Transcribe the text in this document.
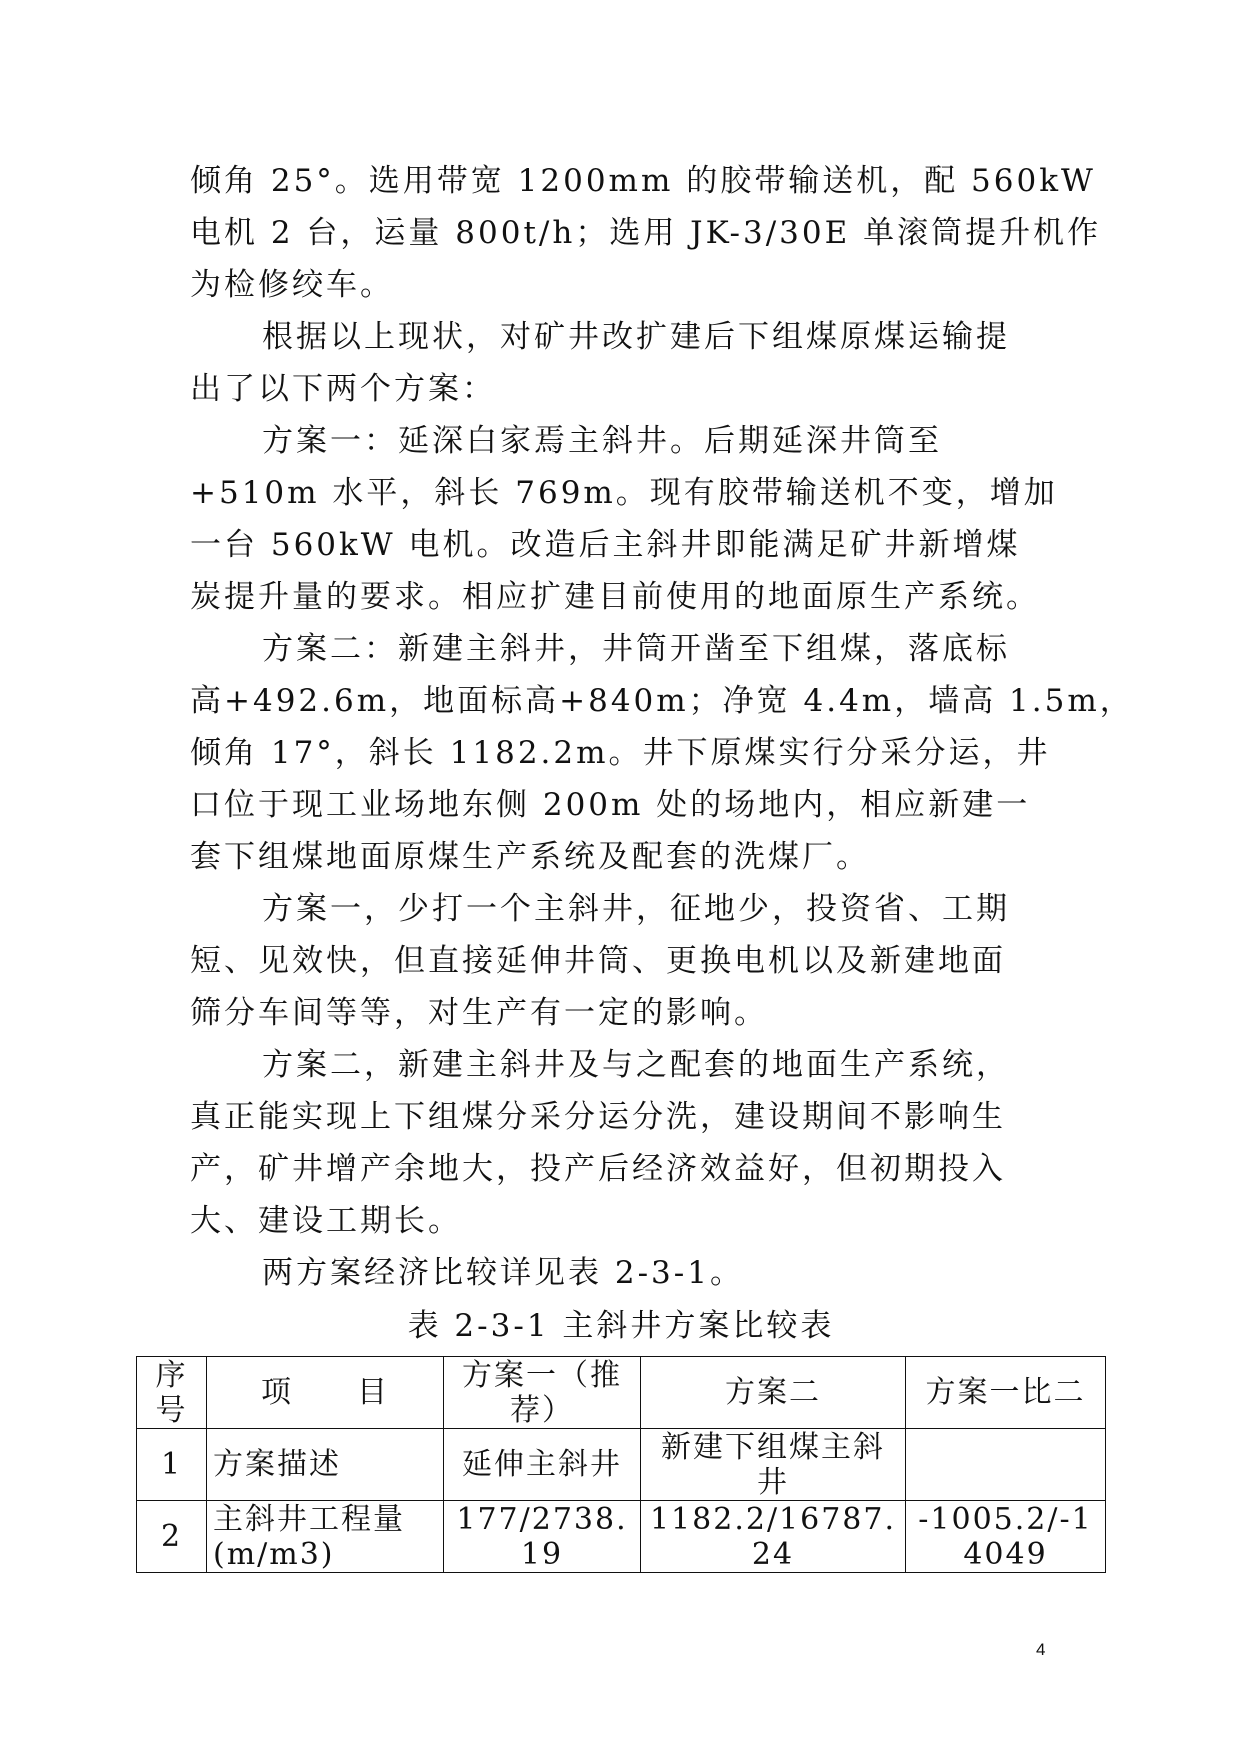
倾角 25°。选用带宽 1200mm 的胶带输送机，配 560kW
电机 2 台，运量 800t/h；选用 JK-3/30E 单滚筒提升机作
为检修绞车。

根据以上现状，对矿井改扩建后下组煤原煤运输提
出了以下两个方案：

方案一：延深白家焉主斜井。后期延深井筒至
+510m 水平，斜长 769m。现有胶带输送机不变，增加
一台 560kW 电机。改造后主斜井即能满足矿井新增煤
炭提升量的要求。相应扩建目前使用的地面原生产系统。

方案二：新建主斜井，井筒开凿至下组煤，落底标
高+492.6m，地面标高+840m；净宽 4.4m，墙高 1.5m，
倾角 17°，斜长 1182.2m。井下原煤实行分采分运，井
口位于现工业场地东侧 200m 处的场地内，相应新建一
套下组煤地面原煤生产系统及配套的洗煤厂。

方案一，少打一个主斜井，征地少，投资省、工期
短、见效快，但直接延伸井筒、更换电机以及新建地面
筛分车间等等，对生产有一定的影响。

方案二，新建主斜井及与之配套的地面生产系统，
真正能实现上下组煤分采分运分洗，建设期间不影响生
产，矿井增产余地大，投产后经济效益好，但初期投入
大、建设工期长。

两方案经济比较详见表 2-3-1。

表 2-3-1 主斜井方案比较表
序号	项　　目	方案一（推荐）	方案二	方案一比二
1	方案描述	延伸主斜井	新建下组煤主斜井	
2	主斜井工程量(m/m3)	177/2738.19	1182.2/16787.24	-1005.2/-14049
4
